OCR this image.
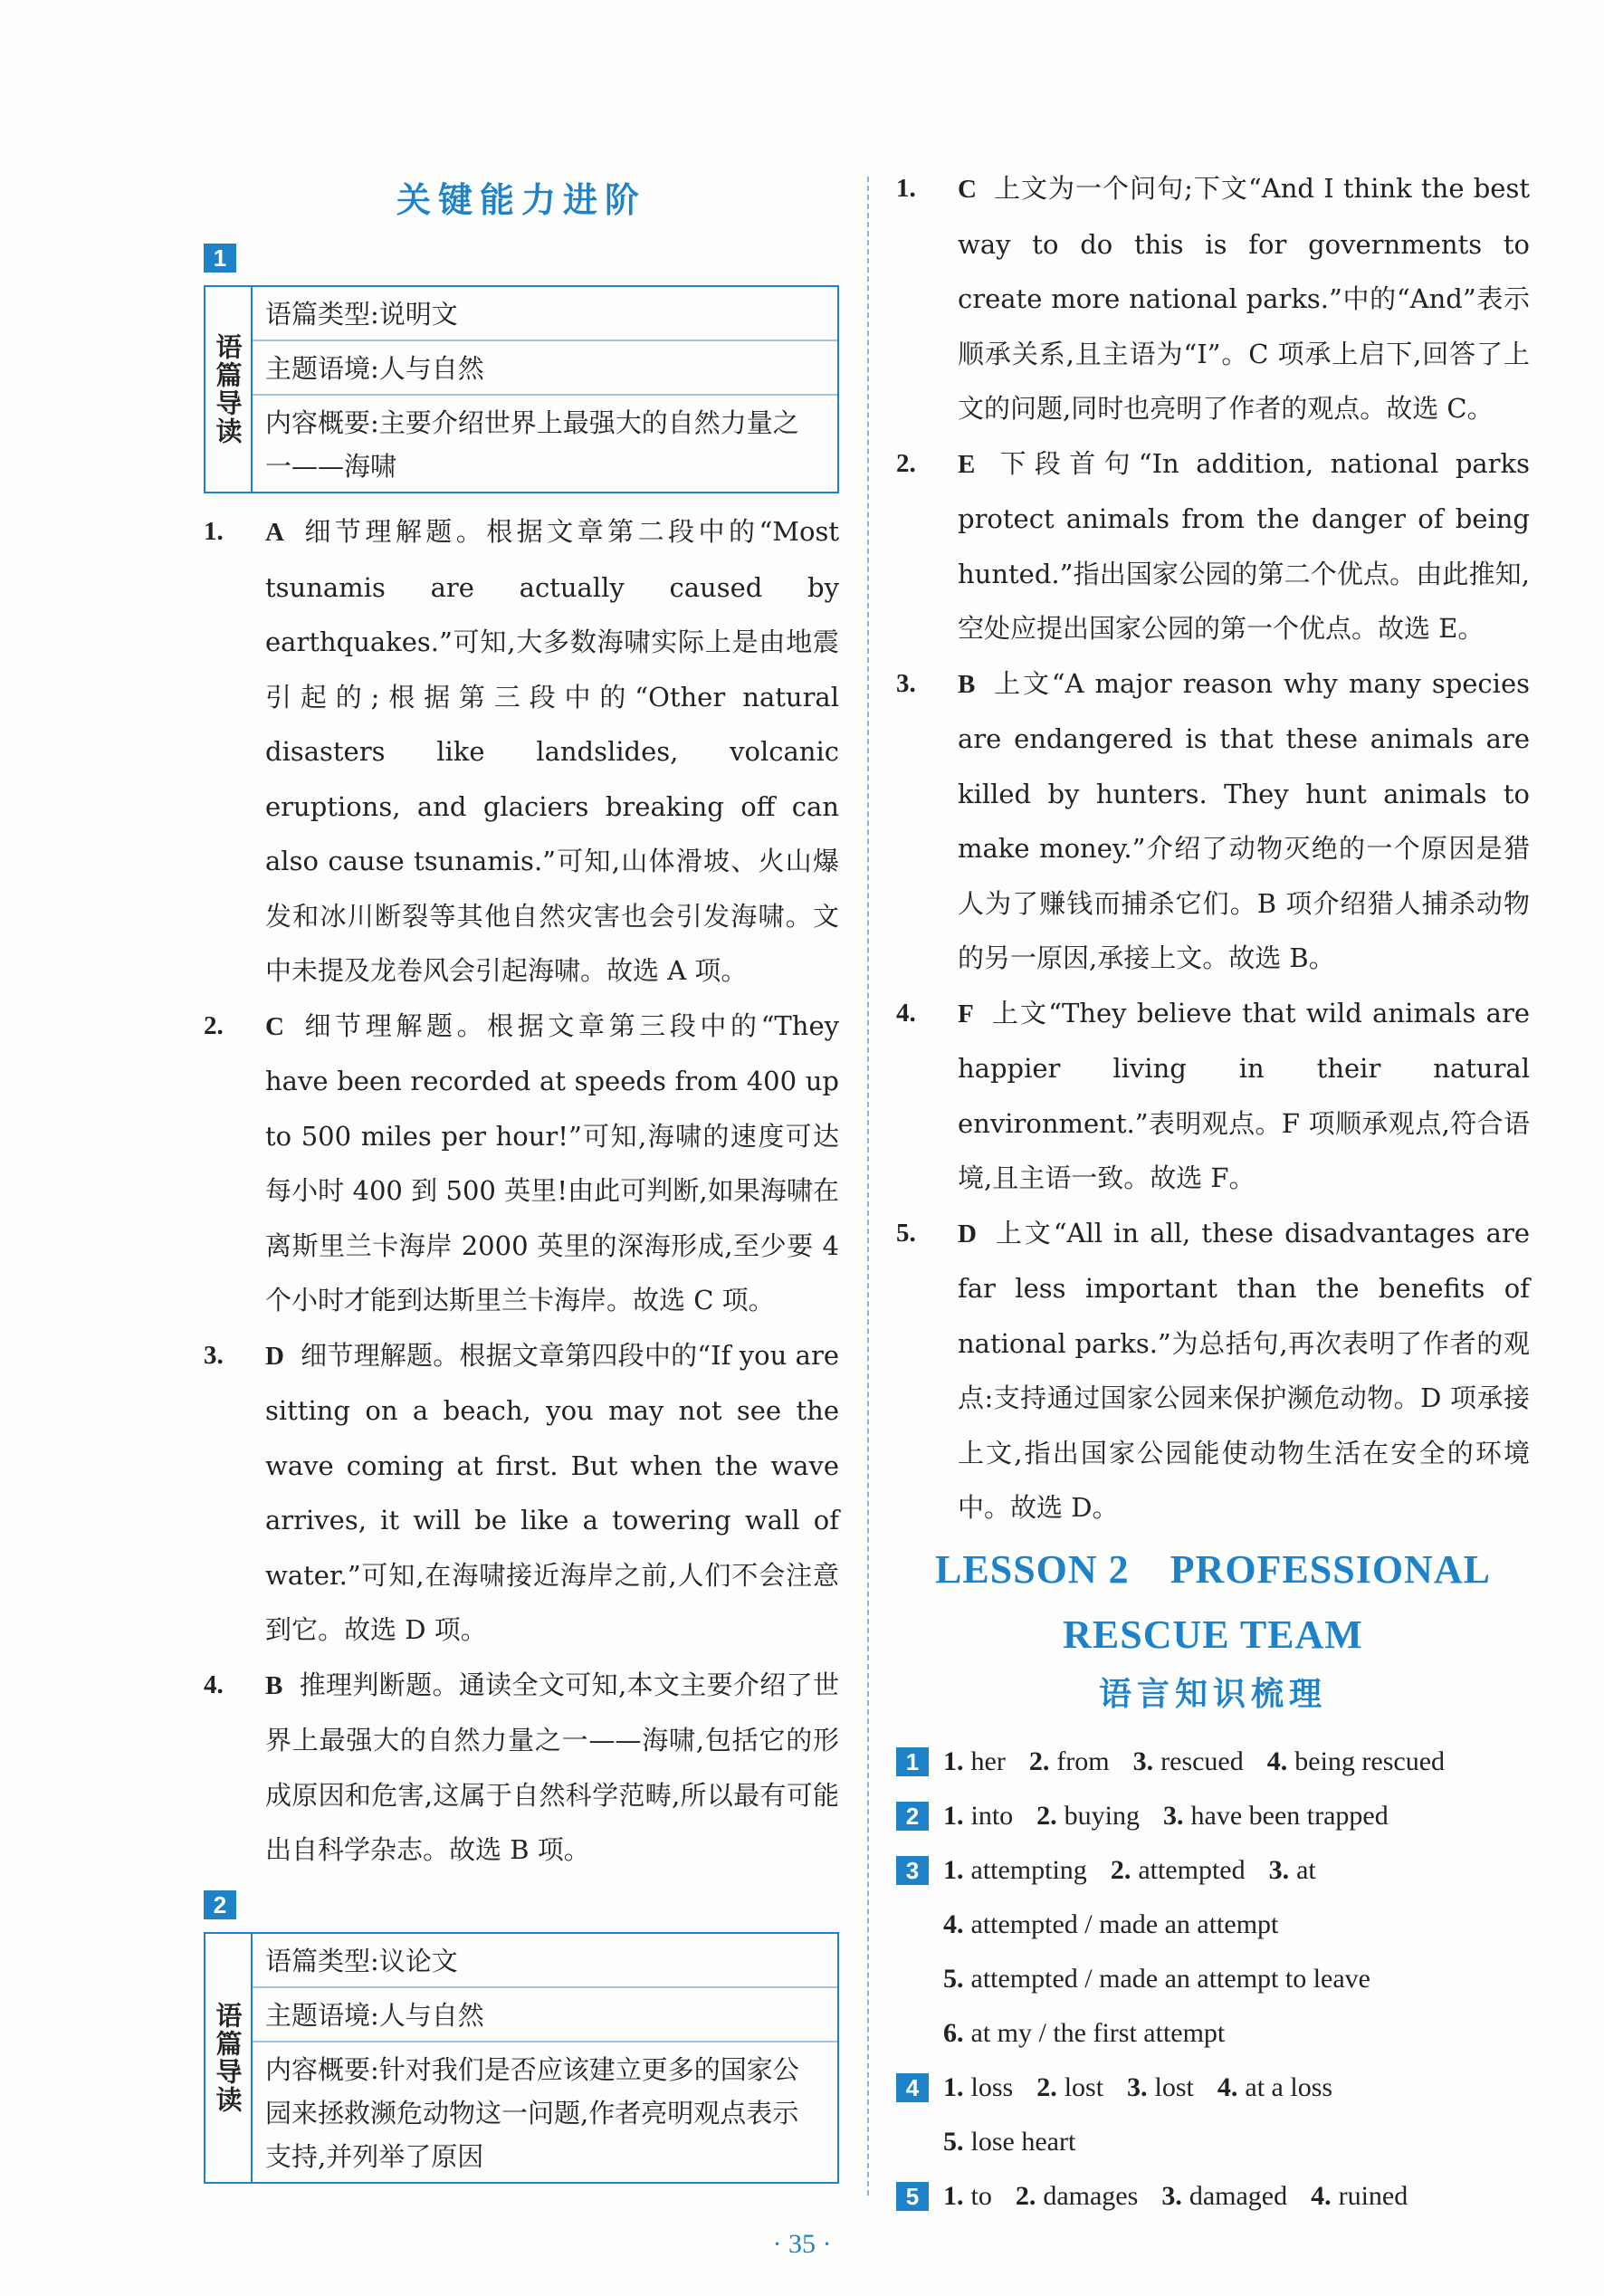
关键能力进阶
1
语篇导读
语篇类型:说明文
主题语境:人与自然
内容概要:主要介绍世界上最强大的自然力量之一——海啸
1.	A 细节理解题。根据文章第二段中的“Most tsunamis are actually caused by earthquakes.”可知,大多数海啸实际上是由地震引起的;根据第三段中的“Other natural disasters like landslides, volcanic eruptions, and glaciers breaking off can also cause tsunamis.”可知,山体滑坡、火山爆发和冰川断裂等其他自然灾害也会引发海啸。文中未提及龙卷风会引起海啸。故选 A 项。
2.	C 细节理解题。根据文章第三段中的“They have been recorded at speeds from 400 up to 500 miles per hour!”可知,海啸的速度可达每小时 400 到 500 英里!由此可判断,如果海啸在离斯里兰卡海岸 2000 英里的深海形成,至少要 4 个小时才能到达斯里兰卡海岸。故选 C 项。
3.	D 细节理解题。根据文章第四段中的“If you are sitting on a beach, you may not see the wave coming at first. But when the wave arrives, it will be like a towering wall of water.”可知,在海啸接近海岸之前,人们不会注意到它。故选 D 项。
4.	B 推理判断题。通读全文可知,本文主要介绍了世界上最强大的自然力量之一——海啸,包括它的形成原因和危害,这属于自然科学范畴,所以最有可能出自科学杂志。故选 B 项。
2
语篇导读
语篇类型:议论文
主题语境:人与自然
内容概要:针对我们是否应该建立更多的国家公园来拯救濒危动物这一问题,作者亮明观点表示支持,并列举了原因
1.	C 上文为一个问句;下文“And I think the best way to do this is for governments to create more national parks.”中的“And”表示顺承关系,且主语为“I”。C 项承上启下,回答了上文的问题,同时也亮明了作者的观点。故选 C。
2.	E 下段首句“In addition, national parks protect animals from the danger of being hunted.”指出国家公园的第二个优点。由此推知,空处应提出国家公园的第一个优点。故选 E。
3.	B 上文“A major reason why many species are endangered is that these animals are killed by hunters. They hunt animals to make money.”介绍了动物灭绝的一个原因是猎人为了赚钱而捕杀它们。B 项介绍猎人捕杀动物的另一原因,承接上文。故选 B。
4.	F 上文“They believe that wild animals are happier living in their natural environment.”表明观点。F 项顺承观点,符合语境,且主语一致。故选 F。
5.	D 上文“All in all, these disadvantages are far less important than the benefits of national parks.”为总括句,再次表明了作者的观点:支持通过国家公园来保护濒危动物。D 项承接上文,指出国家公园能使动物生活在安全的环境中。故选 D。
LESSON 2　PROFESSIONAL
RESCUE TEAM
语言知识梳理
1 1. her 2. from 3. rescued 4. being rescued
2 1. into 2. buying 3. have been trapped
3 1. attempting 2. attempted 3. at
4. attempted / made an attempt
5. attempted / made an attempt to leave
6. at my / the first attempt
4 1. loss 2. lost 3. lost 4. at a loss
5. lose heart
5 1. to 2. damages 3. damaged 4. ruined
· 35 ·
